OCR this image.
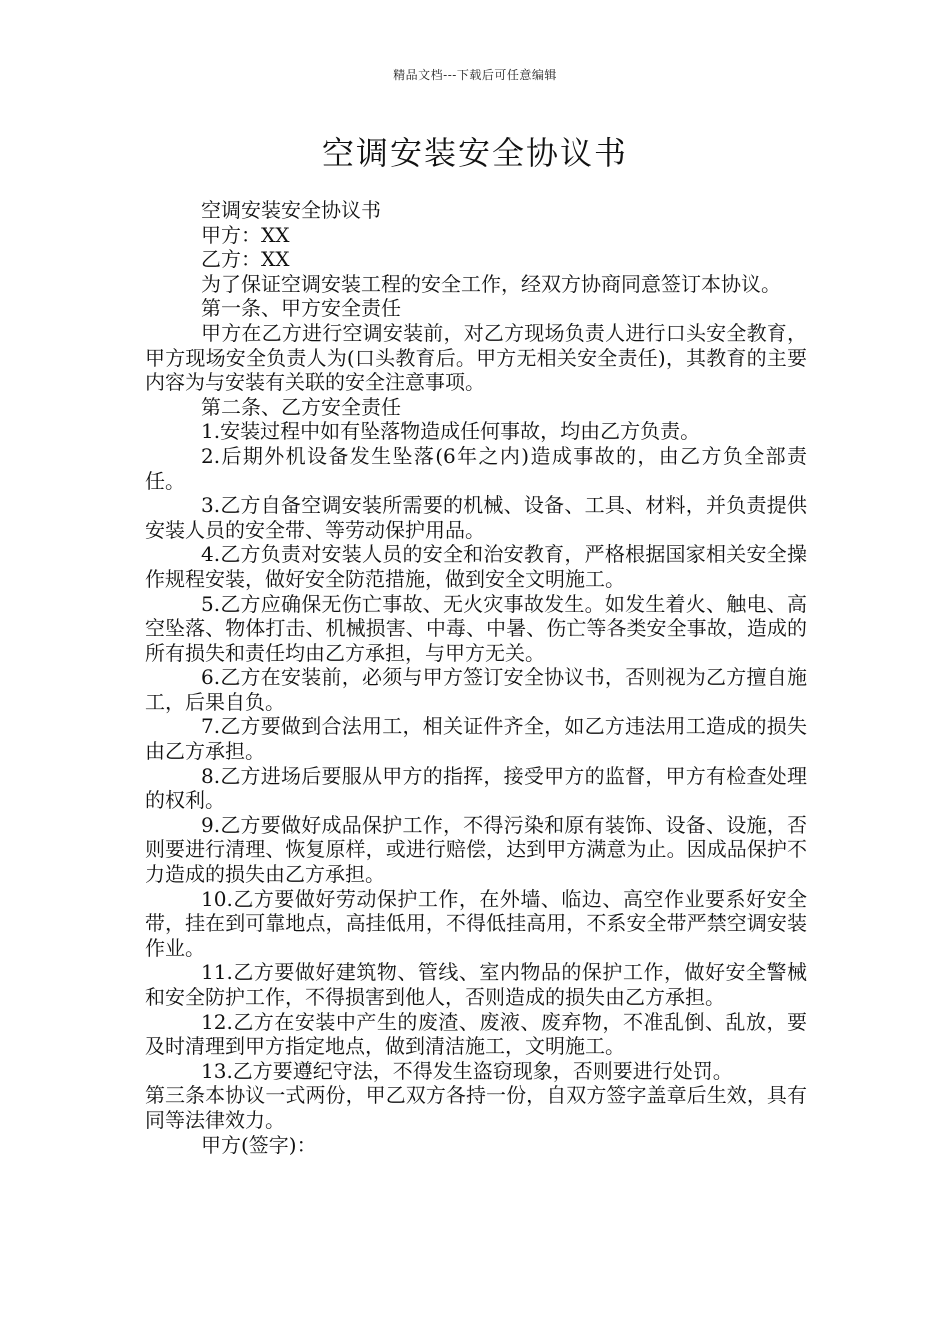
精品文档---下载后可任意编辑
空调安装安全协议书

空调安装安全协议书

甲方：XX

乙方：XX

为了保证空调安装工程的安全工作，经双方协商同意签订本协议。

第一条、甲方安全责任

甲方在乙方进行空调安装前，对乙方现场负责人进行口头安全教育，甲方现场安全负责人为(口头教育后。甲方无相关安全责任)，其教育的主要内容为与安装有关联的安全注意事项。

第二条、乙方安全责任

1.安装过程中如有坠落物造成任何事故，均由乙方负责。

2.后期外机设备发生坠落(6年之内)造成事故的，由乙方负全部责任。

3.乙方自备空调安装所需要的机械、设备、工具、材料，并负责提供安装人员的安全带、等劳动保护用品。

4.乙方负责对安装人员的安全和治安教育，严格根据国家相关安全操作规程安装，做好安全防范措施，做到安全文明施工。

5.乙方应确保无伤亡事故、无火灾事故发生。如发生着火、触电、高空坠落、物体打击、机械损害、中毒、中暑、伤亡等各类安全事故，造成的所有损失和责任均由乙方承担，与甲方无关。

6.乙方在安装前，必须与甲方签订安全协议书，否则视为乙方擅自施工，后果自负。

7.乙方要做到合法用工，相关证件齐全，如乙方违法用工造成的损失由乙方承担。

8.乙方进场后要服从甲方的指挥，接受甲方的监督，甲方有检查处理的权利。

9.乙方要做好成品保护工作，不得污染和原有装饰、设备、设施，否则要进行清理、恢复原样，或进行赔偿，达到甲方满意为止。因成品保护不力造成的损失由乙方承担。

10.乙方要做好劳动保护工作，在外墙、临边、高空作业要系好安全带，挂在到可靠地点，高挂低用，不得低挂高用，不系安全带严禁空调安装作业。

11.乙方要做好建筑物、管线、室内物品的保护工作，做好安全警械和安全防护工作，不得损害到他人，否则造成的损失由乙方承担。

12.乙方在安装中产生的废渣、废液、废弃物，不准乱倒、乱放，要及时清理到甲方指定地点，做到清洁施工，文明施工。

13.乙方要遵纪守法，不得发生盗窃现象，否则要进行处罚。

第三条本协议一式两份，甲乙双方各持一份，自双方签字盖章后生效，具有同等法律效力。

甲方(签字)：
